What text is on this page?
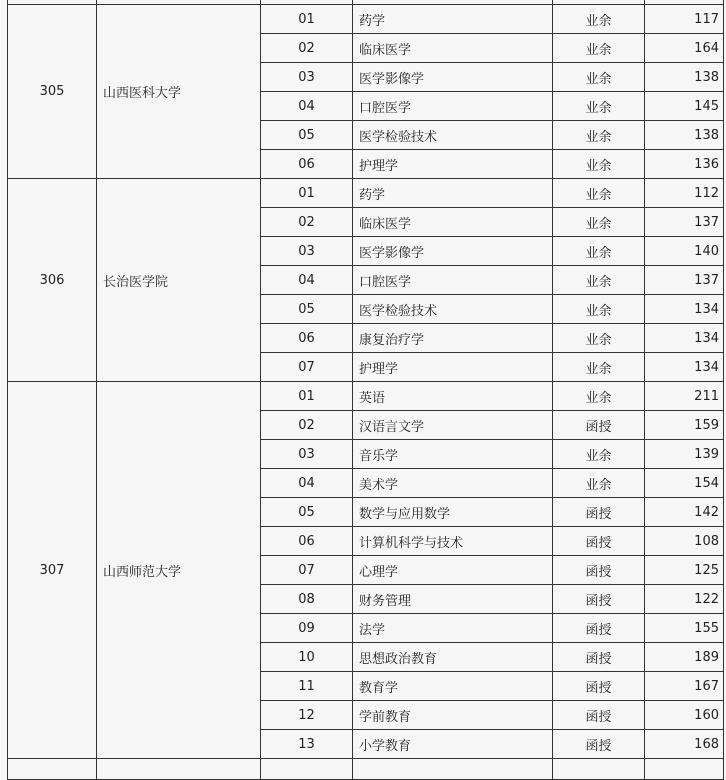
305	山西医科大学	01	药学	业余	117
		02	临床医学	业余	164
		03	医学影像学	业余	138
		04	口腔医学	业余	145
		05	医学检验技术	业余	138
		06	护理学	业余	136
306	长治医学院	01	药学	业余	112
		02	临床医学	业余	137
		03	医学影像学	业余	140
		04	口腔医学	业余	137
		05	医学检验技术	业余	134
		06	康复治疗学	业余	134
		07	护理学	业余	134
307	山西师范大学	01	英语	业余	211
		02	汉语言文学	函授	159
		03	音乐学	业余	139
		04	美术学	业余	154
		05	数学与应用数学	函授	142
		06	计算机科学与技术	函授	108
		07	心理学	函授	125
		08	财务管理	函授	122
		09	法学	函授	155
		10	思想政治教育	函授	189
		11	教育学	函授	167
		12	学前教育	函授	160
		13	小学教育	函授	168
